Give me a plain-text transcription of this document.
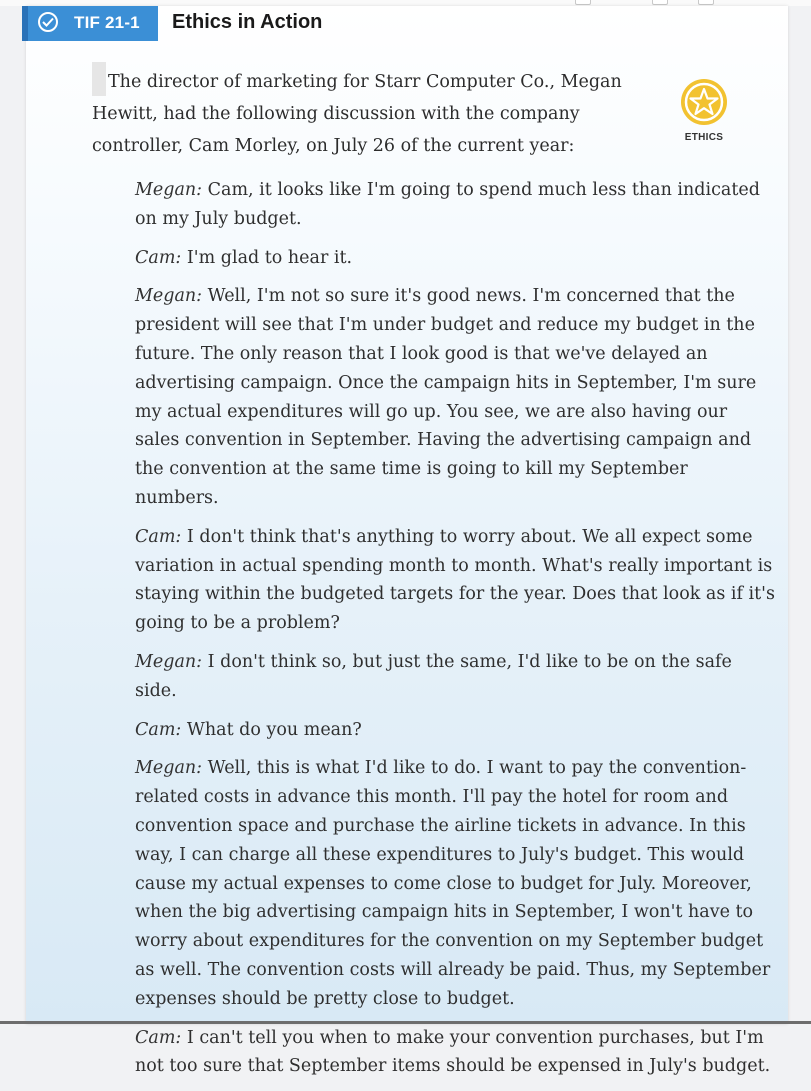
TIF 21-1 Ethics in Action
The director of marketing for Starr Computer Co., Megan Hewitt, had the following discussion with the company controller, Cam Morley, on July 26 of the current year:	ETHICS

Megan: Cam, it looks like I'm going to spend much less than indicated on my July budget.

Cam: I'm glad to hear it.

Megan: Well, I'm not so sure it's good news. I'm concerned that the president will see that I'm under budget and reduce my budget in the future. The only reason that I look good is that we've delayed an advertising campaign. Once the campaign hits in September, I'm sure my actual expenditures will go up. You see, we are also having our sales convention in September. Having the advertising campaign and the convention at the same time is going to kill my September numbers.

Cam: I don't think that's anything to worry about. We all expect some variation in actual spending month to month. What's really important is staying within the budgeted targets for the year. Does that look as if it's going to be a problem?

Megan: I don't think so, but just the same, I'd like to be on the safe side.

Cam: What do you mean?

Megan: Well, this is what I'd like to do. I want to pay the convention-related costs in advance this month. I'll pay the hotel for room and convention space and purchase the airline tickets in advance. In this way, I can charge all these expenditures to July's budget. This would cause my actual expenses to come close to budget for July. Moreover, when the big advertising campaign hits in September, I won't have to worry about expenditures for the convention on my September budget as well. The convention costs will already be paid. Thus, my September expenses should be pretty close to budget.

Cam: I can't tell you when to make your convention purchases, but I'm not too sure that September items should be expensed in July's budget.
